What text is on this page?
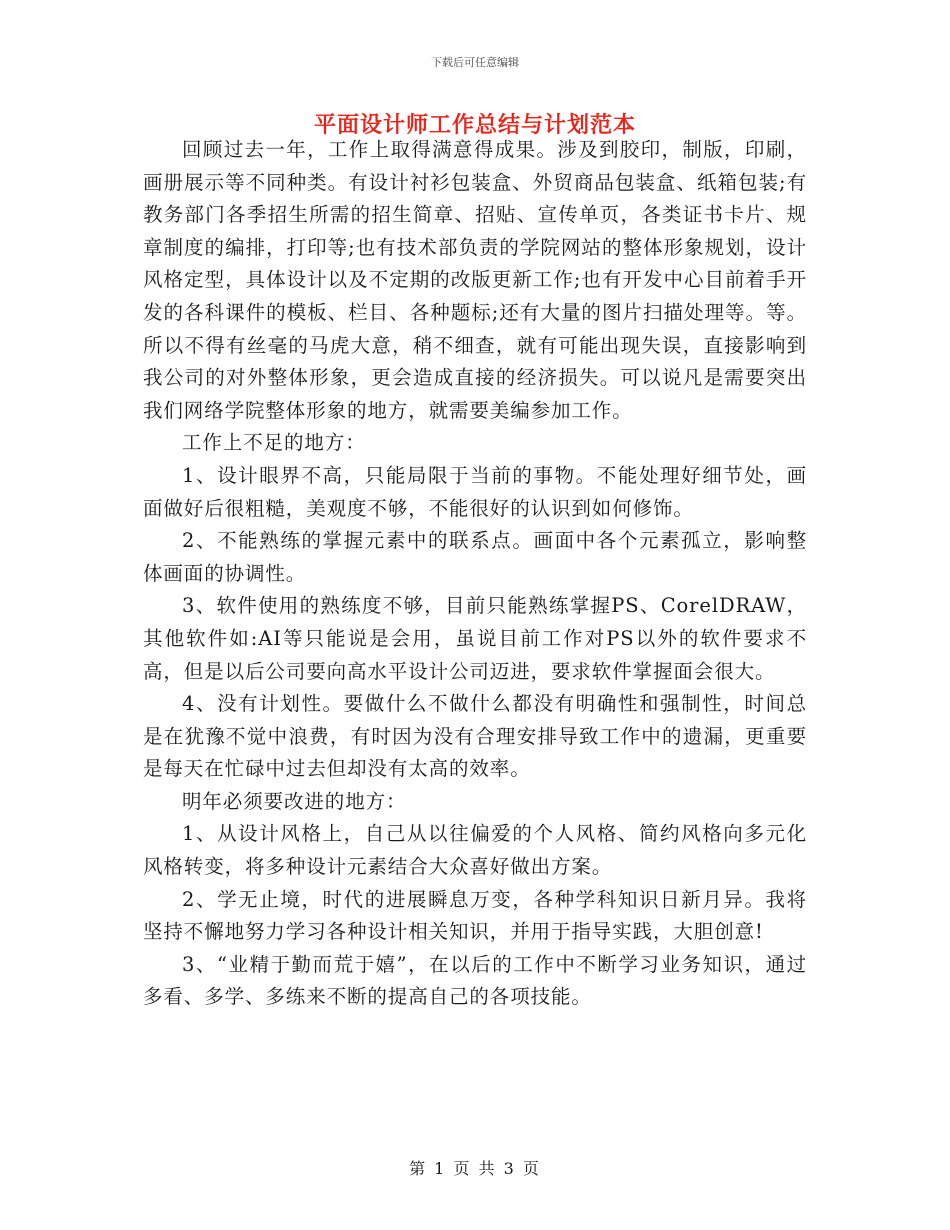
下载后可任意编辑
平面设计师工作总结与计划范本

回顾过去一年，工作上取得满意得成果。涉及到胶印，制版，印刷，画册展示等不同种类。有设计衬衫包装盒、外贸商品包装盒、纸箱包装;有教务部门各季招生所需的招生简章、招贴、宣传单页，各类证书卡片、规章制度的编排，打印等;也有技术部负责的学院网站的整体形象规划，设计风格定型，具体设计以及不定期的改版更新工作;也有开发中心目前着手开发的各科课件的模板、栏目、各种题标;还有大量的图片扫描处理等。等。所以不得有丝毫的马虎大意，稍不细查，就有可能出现失误，直接影响到我公司的对外整体形象，更会造成直接的经济损失。可以说凡是需要突出我们网络学院整体形象的地方，就需要美编参加工作。

工作上不足的地方：

1、设计眼界不高，只能局限于当前的事物。不能处理好细节处，画面做好后很粗糙，美观度不够，不能很好的认识到如何修饰。

2、不能熟练的掌握元素中的联系点。画面中各个元素孤立，影响整体画面的协调性。

3、软件使用的熟练度不够，目前只能熟练掌握PS、CorelDRAW，其他软件如:AI等只能说是会用，虽说目前工作对PS以外的软件要求不高，但是以后公司要向高水平设计公司迈进，要求软件掌握面会很大。

4、没有计划性。要做什么不做什么都没有明确性和强制性，时间总是在犹豫不觉中浪费，有时因为没有合理安排导致工作中的遗漏，更重要是每天在忙碌中过去但却没有太高的效率。

明年必须要改进的地方：

1、从设计风格上，自己从以往偏爱的个人风格、简约风格向多元化风格转变，将多种设计元素结合大众喜好做出方案。

2、学无止境，时代的进展瞬息万变，各种学科知识日新月异。我将坚持不懈地努力学习各种设计相关知识，并用于指导实践，大胆创意!

3、“业精于勤而荒于嬉”，在以后的工作中不断学习业务知识，通过多看、多学、多练来不断的提高自己的各项技能。

第 1 页 共 3 页
